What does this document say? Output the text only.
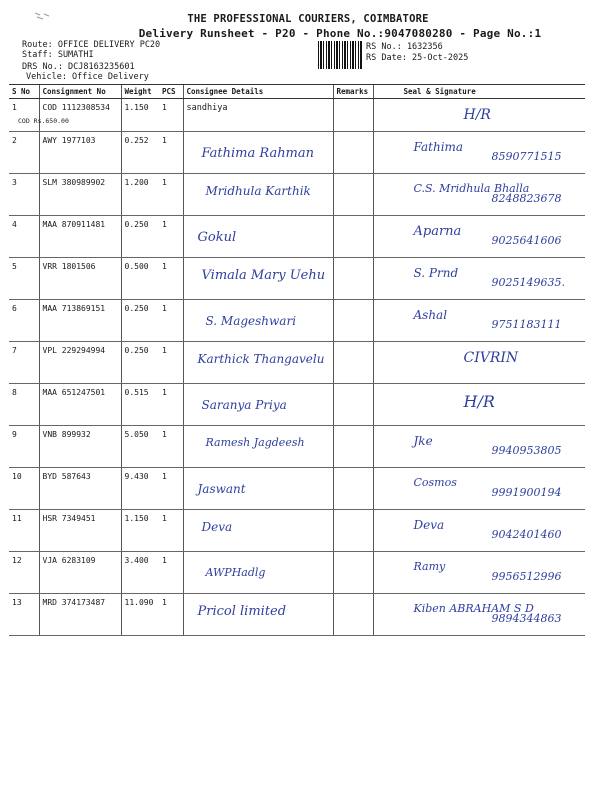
THE PROFESSIONAL COURIERS, COIMBATORE
Delivery Runsheet - P20 - Phone No.:9047080280 - Page No.:1
Route: OFFICE DELIVERY PC20
Staff: SUMATHI
DRS No.: DCJ8163235601
Vehicle: Office Delivery
RS No.: 1632356
RS Date: 25-Oct-2025
S No	Consignment No	Weight	PCS	Consignee Details	Remarks	Seal & Signature
1	COD 1112308534	1.150	1	sandhiya		H/R

2	AWY 1977103	0.252	1	Fathima Rahman		Fathima
8590771515

3	SLM 380989902	1.200	1	Mridhula Karthik		C.S. Mridhula Bhalla
8248823678

4	MAA 870911481	0.250	1	Gokul		Aparna
9025641606

5	VRR 1801506	0.500	1	Vimala Mary Uehu		S. Prnd
9025149635.

6	MAA 713869151	0.250	1	S. Mageshwari		Ashal
9751183111

7	VPL 229294994	0.250	1	Karthick Thangavelu		CIVRIN

8	MAA 651247501	0.515	1	Saranya Priya		H/R

9	VNB 899932	5.050	1	Ramesh Jagdeesh		Jke
9940953805

10	BYD 587643	9.430	1	Jaswant		Cosmos
9991900194

11	HSR 7349451	1.150	1	Deva		Deva
9042401460

12	VJA 6283109	3.400	1	AWPHadlg		Ramy
9956512996

13	MRD 374173487	11.090	1	Pricol limited		Kiben ABRAHAM S D
9894344863
COD Rs.650.00
